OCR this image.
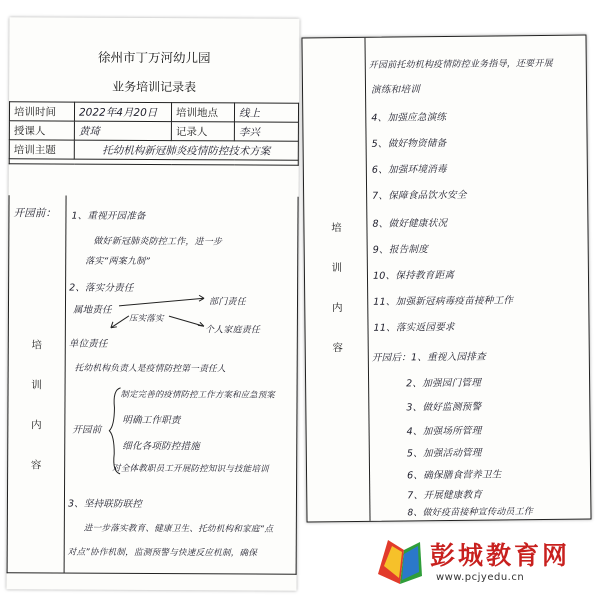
徐州市丁万河幼儿园
业务培训记录表
培训时间	2022年4月20日	培训地点	线上
授课人	黄琦	记录人	李兴
培训主题	托幼机构新冠肺炎疫情防控技术方案		

培
训
内
容
开园前： 1、重视开园准备
做好新冠肺炎防控工作，进一步
落实“两案九制”
2、落实分责任
属地责任
部门责任
单位责任
个人家庭责任
压实落实
托幼机构负责人是疫情防控第一责任人
制定完善的疫情防控工作方案和应急预案
明确工作职责
细化各项防控措施
对全体教职员工开展防控知识与技能培训
开园前
3、坚持联防联控
进一步落实教育、健康卫生、托幼机构和家庭“点
对点”协作机制，监测预警与快速反应机制，确保
培
训
内
容
开园前托幼机构疫情防控业务指导，还要开展
演练和培训
4、加强应急演练
5、做好物资储备
6、加强环境消毒
7、保障食品饮水安全
8、做好健康状况
9、报告制度
10、保持教育距离
11、加强新冠病毒疫苗接种工作
11、落实返园要求
开园后：1、重视入园排查
2、加强园门管理
3、做好监测预警
4、加强场所管理
5、加强活动管理
6、确保膳食营养卫生
7、开展健康教育
8、做好疫苗接种宣传动员工作
彭城教育网
www.pcjyedu.cn
